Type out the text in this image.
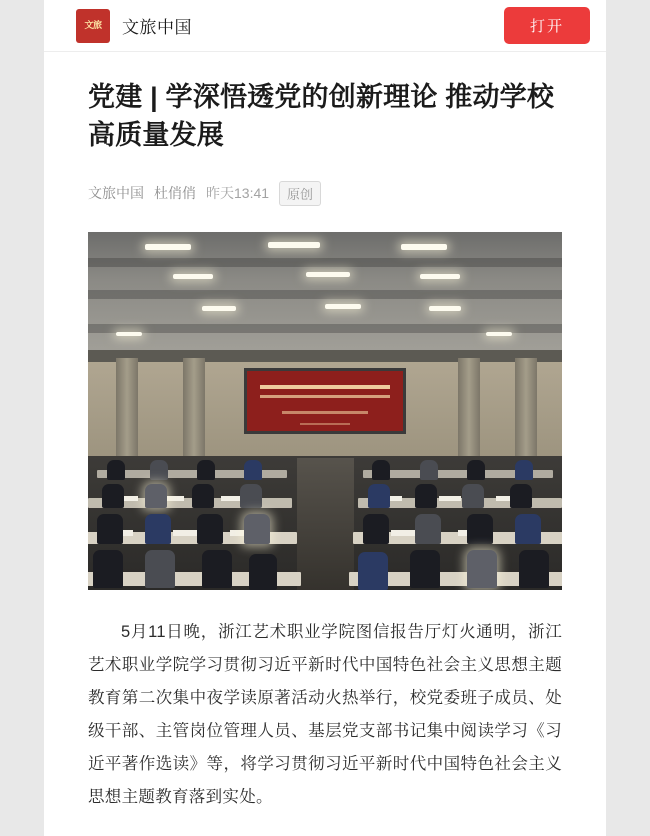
文旅 文旅中国	打开
党建 | 学深悟透党的创新理论 推动学校高质量发展
文旅中国 杜俏俏 昨天13:41	原创

5月11日晚，浙江艺术职业学院图信报告厅灯火通明，浙江艺术职业学院学习贯彻习近平新时代中国特色社会主义思想主题教育第二次集中夜学读原著活动火热举行，校党委班子成员、处级干部、主管岗位管理人员、基层党支部书记集中阅读学习《习近平著作选读》等，将学习贯彻习近平新时代中国特色社会主义思想主题教育落到实处。
